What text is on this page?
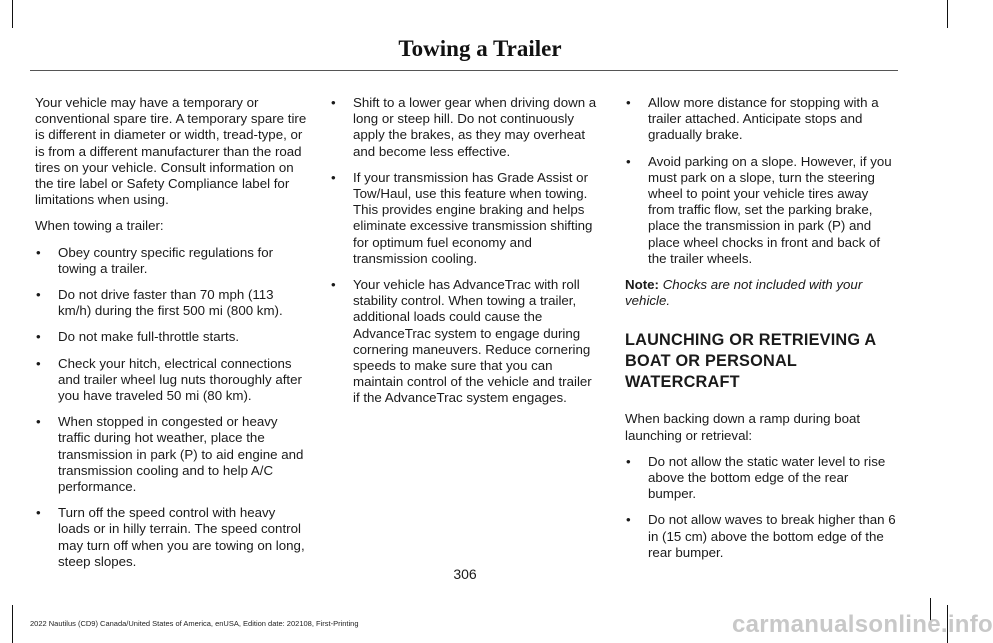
Towing a Trailer

Your vehicle may have a temporary or conventional spare tire. A temporary spare tire is different in diameter or width, tread-type, or is from a different manufacturer than the road tires on your vehicle. Consult information on the tire label or Safety Compliance label for limitations when using.

When towing a trailer:

• Obey country specific regulations for towing a trailer.
• Do not drive faster than 70 mph (113 km/h) during the first 500 mi (800 km).
• Do not make full-throttle starts.
• Check your hitch, electrical connections and trailer wheel lug nuts thoroughly after you have traveled 50 mi (80 km).
• When stopped in congested or heavy traffic during hot weather, place the transmission in park (P) to aid engine and transmission cooling and to help A/C performance.
• Turn off the speed control with heavy loads or in hilly terrain. The speed control may turn off when you are towing on long, steep slopes.
• Shift to a lower gear when driving down a long or steep hill. Do not continuously apply the brakes, as they may overheat and become less effective.
• If your transmission has Grade Assist or Tow/Haul, use this feature when towing. This provides engine braking and helps eliminate excessive transmission shifting for optimum fuel economy and transmission cooling.
• Your vehicle has AdvanceTrac with roll stability control. When towing a trailer, additional loads could cause the AdvanceTrac system to engage during cornering maneuvers. Reduce cornering speeds to make sure that you can maintain control of the vehicle and trailer if the AdvanceTrac system engages.
• Allow more distance for stopping with a trailer attached. Anticipate stops and gradually brake.
• Avoid parking on a slope. However, if you must park on a slope, turn the steering wheel to point your vehicle tires away from traffic flow, set the parking brake, place the transmission in park (P) and place wheel chocks in front and back of the trailer wheels.

Note: Chocks are not included with your vehicle.

LAUNCHING OR RETRIEVING A
BOAT OR PERSONAL
WATERCRAFT

When backing down a ramp during boat launching or retrieval:

• Do not allow the static water level to rise above the bottom edge of the rear bumper.
• Do not allow waves to break higher than 6 in (15 cm) above the bottom edge of the rear bumper.
306
2022 Nautilus (CD9) Canada/United States of America, enUSA, Edition date: 202108, First-Printing	carmanualsonline.info
